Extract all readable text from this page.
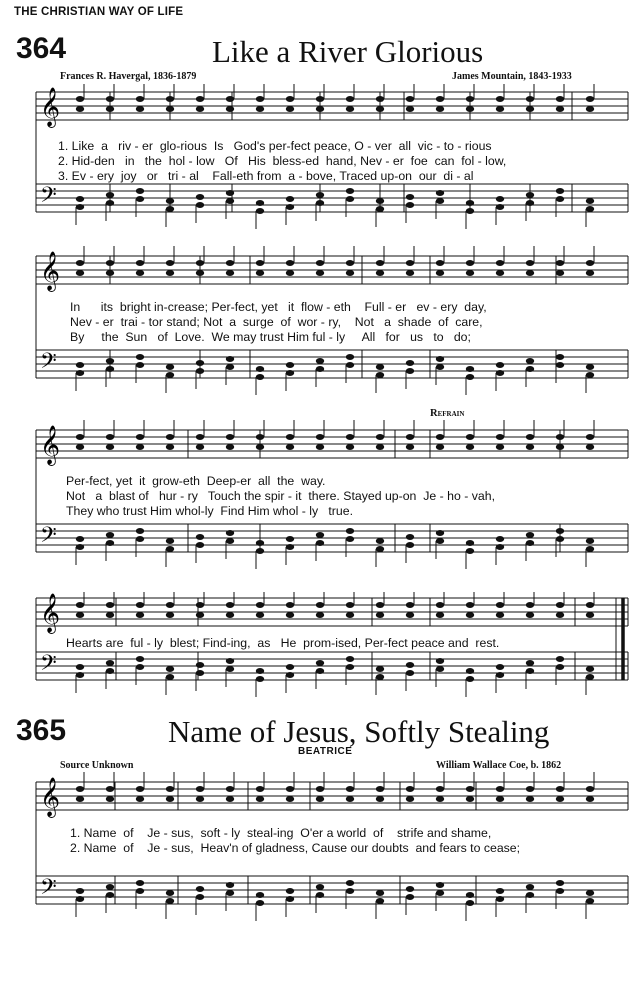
THE CHRISTIAN WAY OF LIFE
364	Like a River Glorious
Frances R. Havergal, 1836-1879	James Mountain, 1843-1933
𝄞
𝄢
1. Like  a   riv - er  glo-rious  Is   God's per-fect peace, O - ver  all  vic - to - rious
2. Hid-den   in   the  hol - low   Of   His  bless-ed  hand, Nev - er  foe  can  fol - low,
3. Ev - ery  joy   or   tri - al    Fall-eth from  a - bove, Traced up-on  our  di - al
𝄞
𝄢
In      its  bright in-crease; Per-fect, yet   it  flow - eth    Full - er   ev - ery  day,
Nev - er  trai - tor stand; Not  a  surge  of  wor - ry,    Not   a  shade  of  care,
By     the  Sun   of  Love.  We may trust Him ful - ly     All   for   us   to   do;
Refrain
𝄞
𝄢
Per-fect, yet  it  grow-eth  Deep-er  all  the  way.
Not   a  blast of   hur - ry   Touch the spir - it  there. Stayed up-on  Je - ho - vah,
They who trust Him whol-ly  Find Him whol - ly   true.
𝄞
𝄢
Hearts are  ful - ly  blest; Find-ing,  as   He  prom-ised, Per-fect peace and  rest.
365	Name of Jesus, Softly Stealing
BEATRICE
Source Unknown	William Wallace Coe, b. 1862
𝄞
𝄢
1. Name  of    Je - sus,  soft - ly  steal-ing  O'er a world  of    strife and shame,
2. Name  of    Je - sus,  Heav'n of gladness, Cause our doubts  and fears to cease;
